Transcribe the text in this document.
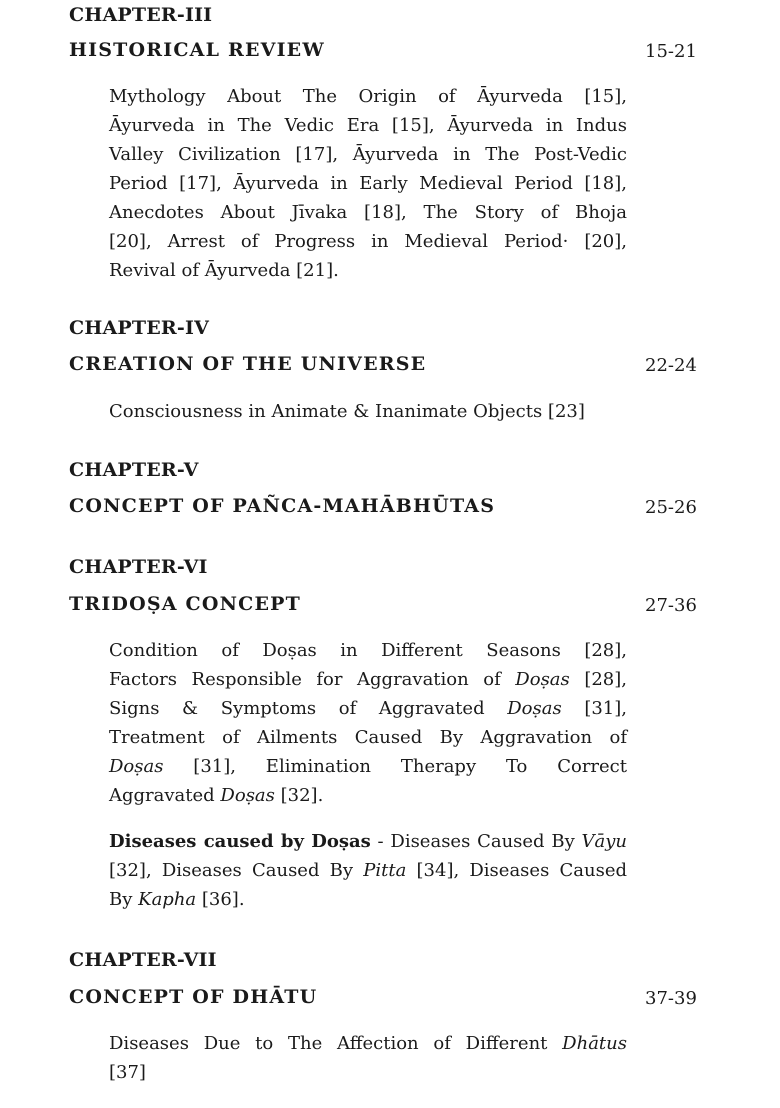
CHAPTER-III
HISTORICAL REVIEW	15-21
Mythology About The Origin of Āyurveda [15],
Āyurveda in The Vedic Era [15], Āyurveda in Indus
Valley Civilization [17], Āyurveda in The Post-Vedic
Period [17], Āyurveda in Early Medieval Period [18],
Anecdotes About Jīvaka [18], The Story of Bhoja
[20], Arrest of Progress in Medieval Period· [20],
Revival of Āyurveda [21].
CHAPTER-IV
CREATION OF THE UNIVERSE	22-24
Consciousness in Animate & Inanimate Objects [23]
CHAPTER-V
CONCEPT OF PAÑCA-MAHĀBHŪTAS	25-26
CHAPTER-VI
TRIDOṢA CONCEPT	27-36
Condition of Doṣas in Different Seasons [28],
Factors Responsible for Aggravation of Doṣas [28],
Signs & Symptoms of Aggravated Doṣas [31],
Treatment of Ailments Caused By Aggravation of
Doṣas [31], Elimination Therapy To Correct
Aggravated Doṣas [32].
Diseases caused by Doṣas - Diseases Caused By Vāyu
[32], Diseases Caused By Pitta [34], Diseases Caused
By Kapha [36].
CHAPTER-VII
CONCEPT OF DHĀTU	37-39
Diseases Due to The Affection of Different Dhātus
[37]
